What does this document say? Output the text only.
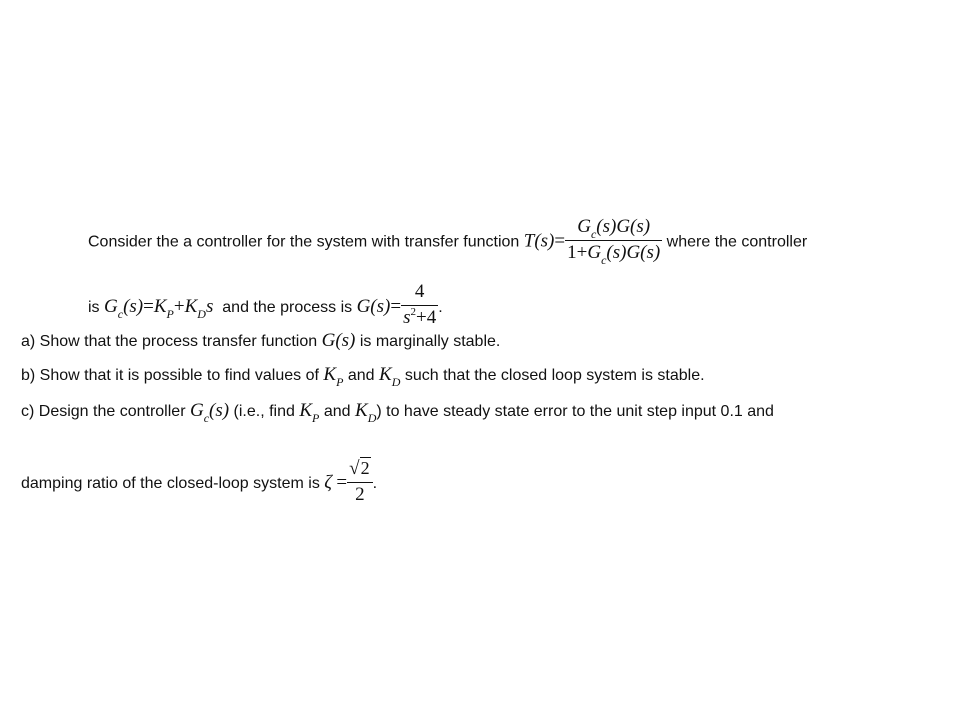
Consider the a controller for the system with transfer function $T(s)= \frac{G_c(s)G(s)}{1+G_c(s)G(s)}$ where the controller
is $G_c(s)=K_P+K_Ds$ and the process is $G(s)= \frac{4}{s^2+4}$ .
a) Show that the process transfer function G(s) is marginally stable.
b) Show that it is possible to find values of $K_P$ and $K_D$ such that the closed loop system is stable.
c) Design the controller $G_c(s)$ (i.e., find $K_P$ and $K_D$) to have steady state error to the unit step input 0.1 and
damping ratio of the closed-loop system is $\zeta = \frac{√2}{2}$ .
